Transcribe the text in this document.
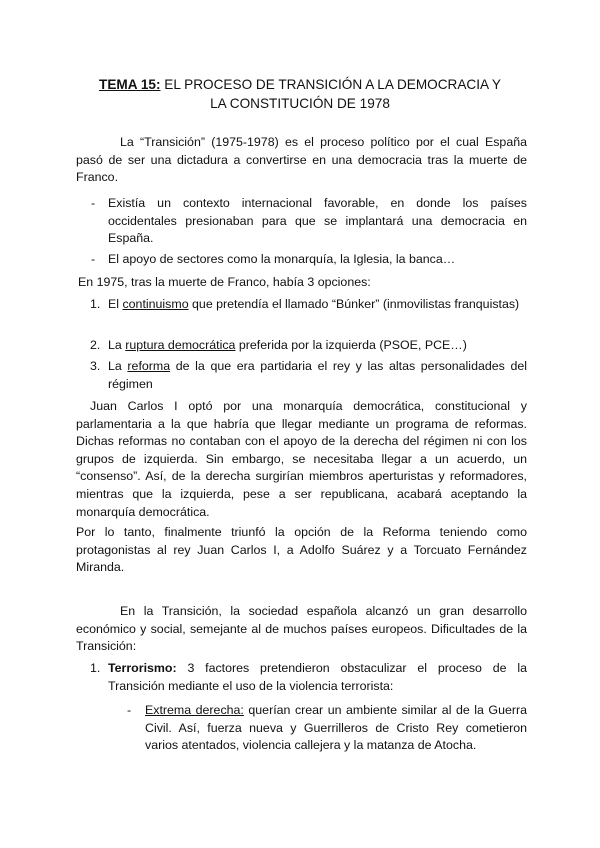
TEMA 15: EL PROCESO DE TRANSICIÓN A LA DEMOCRACIA Y
LA CONSTITUCIÓN DE 1978

La “Transición” (1975-1978) es el proceso político por el cual España pasó de ser una dictadura a convertirse en una democracia tras la muerte de Franco.

- Existía un contexto internacional favorable, en donde los países occidentales presionaban para que se implantará una democracia en España.

- El apoyo de sectores como la monarquía, la Iglesia, la banca…

En 1975, tras la muerte de Franco, había 3 opciones:

1. El continuismo que pretendía el llamado “Búnker” (inmovilistas franquistas)

2. La ruptura democrática preferida por la izquierda (PSOE, PCE…)

3. La reforma de la que era partidaria el rey y las altas personalidades del régimen

Juan Carlos I optó por una monarquía democrática, constitucional y parlamentaria a la que habría que llegar mediante un programa de reformas. Dichas reformas no contaban con el apoyo de la derecha del régimen ni con los grupos de izquierda. Sin embargo, se necesitaba llegar a un acuerdo, un “consenso”. Así, de la derecha surgirían miembros aperturistas y reformadores, mientras que la izquierda, pese a ser republicana, acabará aceptando la monarquía democrática.

Por lo tanto, finalmente triunfó la opción de la Reforma teniendo como protagonistas al rey Juan Carlos I, a Adolfo Suárez y a Torcuato Fernández Miranda.

En la Transición, la sociedad española alcanzó un gran desarrollo económico y social, semejante al de muchos países europeos. Dificultades de la Transición:

1. Terrorismo: 3 factores pretendieron obstaculizar el proceso de la Transición mediante el uso de la violencia terrorista:

- Extrema derecha: querían crear un ambiente similar al de la Guerra Civil. Así, fuerza nueva y Guerrilleros de Cristo Rey cometieron varios atentados, violencia callejera y la matanza de Atocha.
